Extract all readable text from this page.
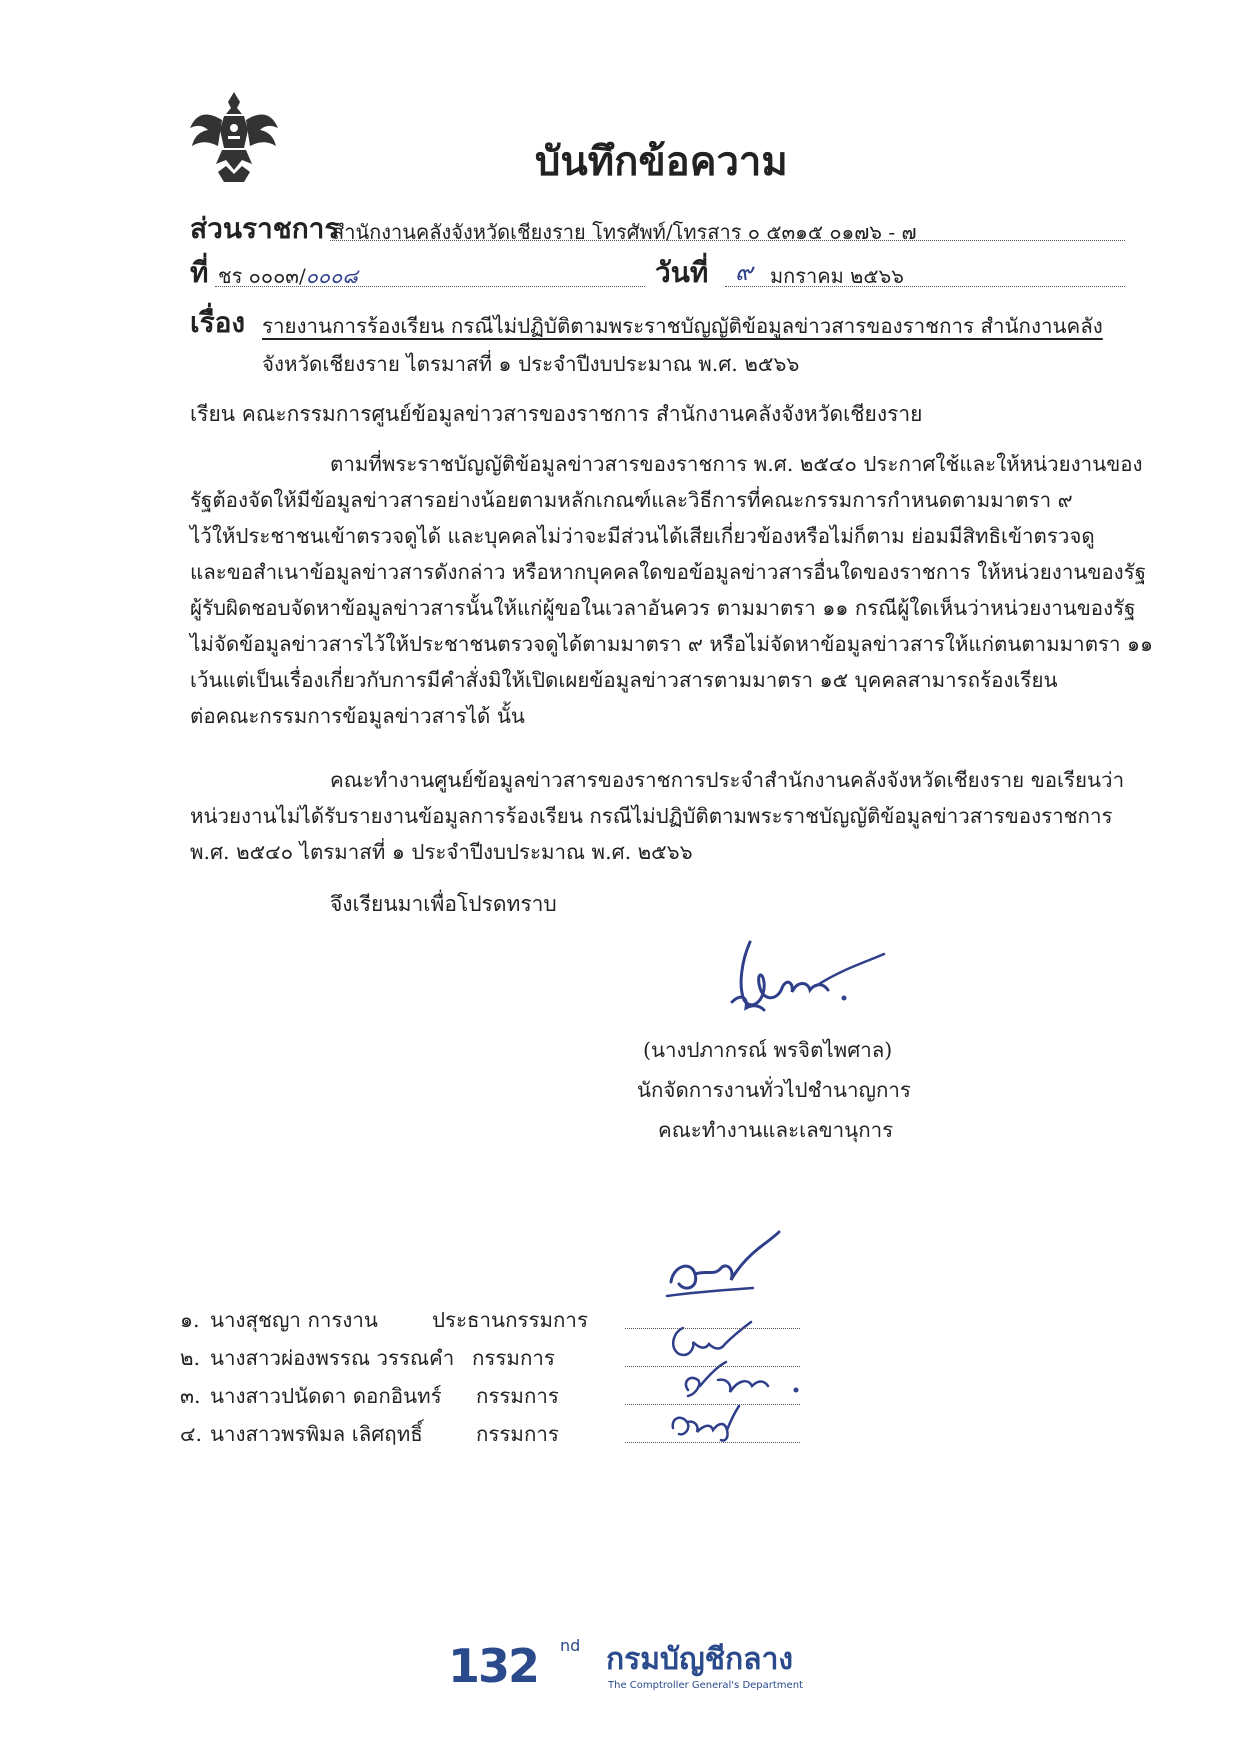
บันทึกข้อความ
ส่วนราชการ
สำนักงานคลังจังหวัดเชียงราย โทรศัพท์/โทรสาร ๐ ๕๓๑๕ ๐๑๗๖ - ๗
ที่ ชร ๐๐๐๓/๐๐๐๘	วันที่ ๙ มกราคม ๒๕๖๖
เรื่อง รายงานการร้องเรียน กรณีไม่ปฏิบัติตามพระราชบัญญัติข้อมูลข่าวสารของราชการ สำนักงานคลัง
จังหวัดเชียงราย ไตรมาสที่ ๑ ประจำปีงบประมาณ พ.ศ. ๒๕๖๖
เรียน คณะกรรมการศูนย์ข้อมูลข่าวสารของราชการ สำนักงานคลังจังหวัดเชียงราย
ตามที่พระราชบัญญัติข้อมูลข่าวสารของราชการ พ.ศ. ๒๕๔๐ ประกาศใช้และให้หน่วยงานของ
รัฐต้องจัดให้มีข้อมูลข่าวสารอย่างน้อยตามหลักเกณฑ์และวิธีการที่คณะกรรมการกำหนดตามมาตรา ๙
ไว้ให้ประชาชนเข้าตรวจดูได้ และบุคคลไม่ว่าจะมีส่วนได้เสียเกี่ยวข้องหรือไม่ก็ตาม ย่อมมีสิทธิเข้าตรวจดู
และขอสำเนาข้อมูลข่าวสารดังกล่าว หรือหากบุคคลใดขอข้อมูลข่าวสารอื่นใดของราชการ ให้หน่วยงานของรัฐ
ผู้รับผิดชอบจัดหาข้อมูลข่าวสารนั้นให้แก่ผู้ขอในเวลาอันควร ตามมาตรา ๑๑ กรณีผู้ใดเห็นว่าหน่วยงานของรัฐ
ไม่จัดข้อมูลข่าวสารไว้ให้ประชาชนตรวจดูได้ตามมาตรา ๙ หรือไม่จัดหาข้อมูลข่าวสารให้แก่ตนตามมาตรา ๑๑
เว้นแต่เป็นเรื่องเกี่ยวกับการมีคำสั่งมิให้เปิดเผยข้อมูลข่าวสารตามมาตรา ๑๕ บุคคลสามารถร้องเรียน
ต่อคณะกรรมการข้อมูลข่าวสารได้ นั้น
คณะทำงานศูนย์ข้อมูลข่าวสารของราชการประจำสำนักงานคลังจังหวัดเชียงราย ขอเรียนว่า
หน่วยงานไม่ได้รับรายงานข้อมูลการร้องเรียน กรณีไม่ปฏิบัติตามพระราชบัญญัติข้อมูลข่าวสารของราชการ
พ.ศ. ๒๕๔๐ ไตรมาสที่ ๑ ประจำปีงบประมาณ พ.ศ. ๒๕๖๖
จึงเรียนมาเพื่อโปรดทราบ
(นางปภากรณ์ พรจิตไพศาล)
นักจัดการงานทั่วไปชำนาญการ
คณะทำงานและเลขานุการ
๑. นางสุชญา การงาน	ประธานกรรมการ
๒. นางสาวผ่องพรรณ วรรณคำ กรรมการ
๓. นางสาวปนัดดา ดอกอินทร์ กรรมการ
๔. นางสาวพรพิมล เลิศฤทธิ์	กรรมการ
132 nd กรมบัญชีกลาง
The Comptroller General's Department
